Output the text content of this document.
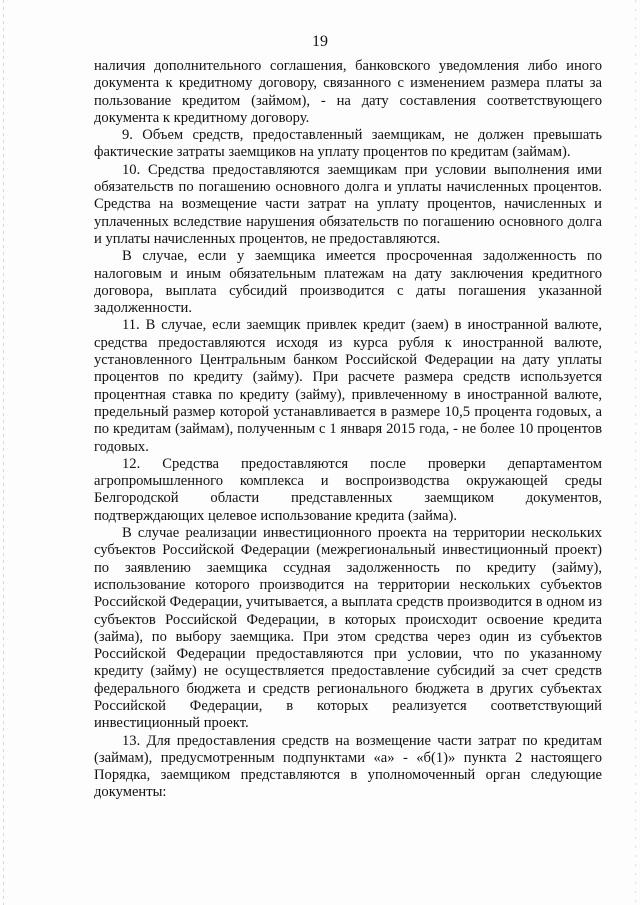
19

наличия дополнительного соглашения, банковского уведомления либо иного документа к кредитному договору, связанного с изменением размера платы за пользование кредитом (займом), - на дату составления соответствующего документа к кредитному договору.

9. Объем средств, предоставленный заемщикам, не должен превышать фактические затраты заемщиков на уплату процентов по кредитам (займам).

10. Средства предоставляются заемщикам при условии выполнения ими обязательств по погашению основного долга и уплаты начисленных процентов. Средства на возмещение части затрат на уплату процентов, начисленных и уплаченных вследствие нарушения обязательств по погашению основного долга и уплаты начисленных процентов, не предоставляются.

В случае, если у заемщика имеется просроченная задолженность по налоговым и иным обязательным платежам на дату заключения кредитного договора, выплата субсидий производится с даты погашения указанной задолженности.

11. В случае, если заемщик привлек кредит (заем) в иностранной валюте, средства предоставляются исходя из курса рубля к иностранной валюте, установленного Центральным банком Российской Федерации на дату уплаты процентов по кредиту (займу). При расчете размера средств используется процентная ставка по кредиту (займу), привлеченному в иностранной валюте, предельный размер которой устанавливается в размере 10,5 процента годовых, а по кредитам (займам), полученным с 1 января 2015 года, - не более 10 процентов годовых.

12. Средства предоставляются после проверки департаментом агропромышленного комплекса и воспроизводства окружающей среды Белгородской области представленных заемщиком документов, подтверждающих целевое использование кредита (займа).

В случае реализации инвестиционного проекта на территории нескольких субъектов Российской Федерации (межрегиональный инвестиционный проект) по заявлению заемщика ссудная задолженность по кредиту (займу), использование которого производится на территории нескольких субъектов Российской Федерации, учитывается, а выплата средств производится в одном из субъектов Российской Федерации, в которых происходит освоение кредита (займа), по выбору заемщика. При этом средства через один из субъектов Российской Федерации предоставляются при условии, что по указанному кредиту (займу) не осуществляется предоставление субсидий за счет средств федерального бюджета и средств регионального бюджета в других субъектах Российской Федерации, в которых реализуется соответствующий инвестиционный проект.

13. Для предоставления средств на возмещение части затрат по кредитам (займам), предусмотренным подпунктами «а» - «б(1)» пункта 2 настоящего Порядка, заемщиком представляются в уполномоченный орган следующие документы:
